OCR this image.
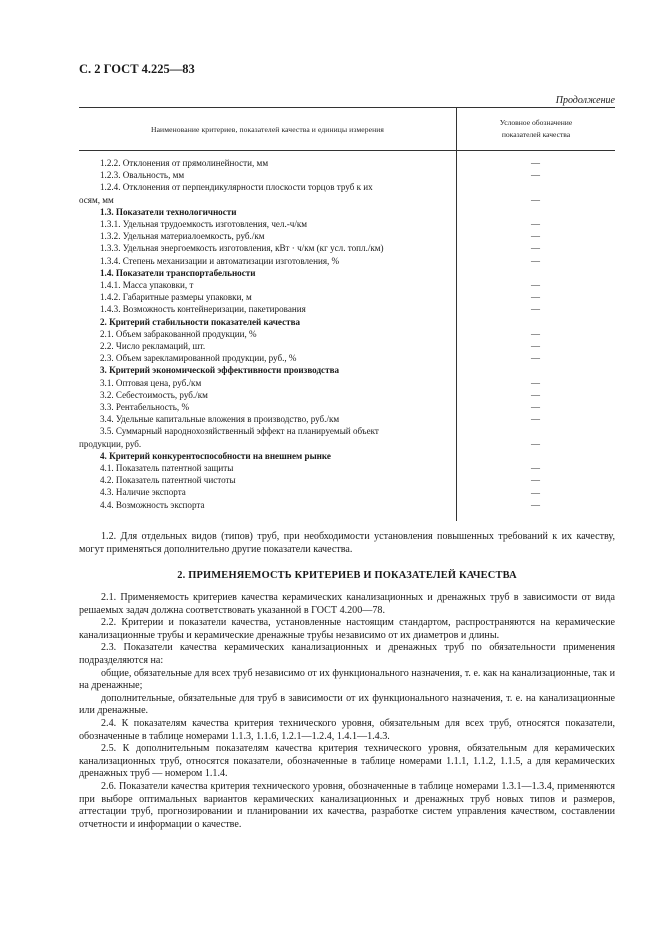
С. 2 ГОСТ 4.225—83
Продолжение
Наименование критериев, показателей качества и единицы измерения
Условное обозначение
показателей качества
1.2.2. Отклонения от прямолинейности, мм	—
1.2.3. Овальность, мм	—
1.2.4. Отклонения от перпендикулярности плоскости торцов труб к их
осям, мм	—
1.3. Показатели технологичности
1.3.1. Удельная трудоемкость изготовления, чел.-ч/км	—
1.3.2. Удельная материалоемкость, руб./км	—
1.3.3. Удельная энергоемкость изготовления, кВт · ч/км (кг усл. топл./км)	—
1.3.4. Степень механизации и автоматизации изготовления, %	—
1.4. Показатели транспортабельности
1.4.1. Масса упаковки, т	—
1.4.2. Габаритные размеры упаковки, м	—
1.4.3. Возможность контейнеризации, пакетирования	—
2. Критерий стабильности показателей качества
2.1. Объем забракованной продукции, %	—
2.2. Число рекламаций, шт.	—
2.3. Объем зарекламированной продукции, руб., %	—
3. Критерий экономической эффективности производства
3.1. Оптовая цена, руб./км	—
3.2. Себестоимость, руб./км	—
3.3. Рентабельность, %	—
3.4. Удельные капитальные вложения в производство, руб./км	—
3.5. Суммарный народнохозяйственный эффект на планируемый объект
продукции, руб.	—
4. Критерий конкурентоспособности на внешнем рынке
4.1. Показатель патентной защиты	—
4.2. Показатель патентной чистоты	—
4.3. Наличие экспорта	—
4.4. Возможность экспорта	—

1.2. Для отдельных видов (типов) труб, при необходимости установления повышенных требований к их качеству, могут применяться дополнительно другие показатели качества.

2. ПРИМЕНЯЕМОСТЬ КРИТЕРИЕВ И ПОКАЗАТЕЛЕЙ КАЧЕСТВА

2.1. Применяемость критериев качества керамических канализационных и дренажных труб в зависимости от вида решаемых задач должна соответствовать указанной в ГОСТ 4.200—78.

2.2. Критерии и показатели качества, установленные настоящим стандартом, распространяются на керамические канализационные трубы и керамические дренажные трубы независимо от их диаметров и длины.

2.3. Показатели качества керамических канализационных и дренажных труб по обязательности применения подразделяются на:

общие, обязательные для всех труб независимо от их функционального назначения, т. е. как на канализационные, так и на дренажные;

дополнительные, обязательные для труб в зависимости от их функционального назначения, т. е. на канализационные или дренажные.

2.4. К показателям качества критерия технического уровня, обязательным для всех труб, относятся показатели, обозначенные в таблице номерами 1.1.3, 1.1.6, 1.2.1—1.2.4, 1.4.1—1.4.3.

2.5. К дополнительным показателям качества критерия технического уровня, обязательным для керамических канализационных труб, относятся показатели, обозначенные в таблице номерами 1.1.1, 1.1.2, 1.1.5, а для керамических дренажных труб — номером 1.1.4.

2.6. Показатели качества критерия технического уровня, обозначенные в таблице номерами 1.3.1—1.3.4, применяются при выборе оптимальных вариантов керамических канализационных и дренажных труб новых типов и размеров, аттестации труб, прогнозировании и планировании их качества, разработке систем управления качеством, составлении отчетности и информации о качестве.
